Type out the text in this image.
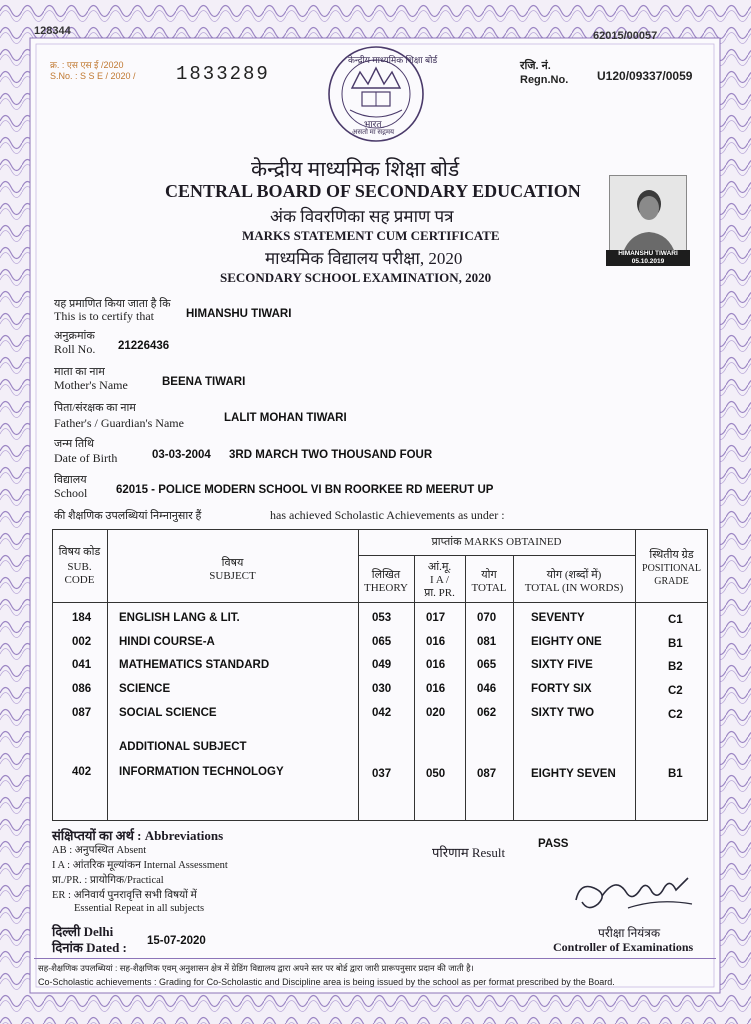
128344	62015/00057
क्र. : एस एस ई /2020
S.No. : S S E / 2020 / 1833289	रजि. नं.
Regn.No. U120/09337/0059
केन्द्रीय माध्यमिक शिक्षा बोर्ड
भारत
असतो मा सद्गमय
केन्द्रीय माध्यमिक शिक्षा बोर्ड
CENTRAL BOARD OF SECONDARY EDUCATION
अंक विवरणिका सह प्रमाण पत्र
MARKS STATEMENT CUM CERTIFICATE
माध्यमिक विद्यालय परीक्षा, 2020
SECONDARY SCHOOL EXAMINATION, 2020
HIMANSHU TIWARI
05.10.2019
यह प्रमाणित किया जाता है कि
This is to certify that	HIMANSHU TIWARI
अनुक्रमांक
Roll No. 21226436
माता का नाम
Mother's Name	BEENA TIWARI
पिता/संरक्षक का नाम
Father's / Guardian's Name	LALIT MOHAN TIWARI
जन्म तिथि
Date of Birth	03-03-2004 3RD MARCH TWO THOUSAND FOUR
विद्यालय
School 62015 - POLICE MODERN SCHOOL VI BN ROORKEE RD MEERUT UP
की शैक्षणिक उपलब्धियां निम्नानुसार हैं	has achieved Scholastic Achievements as under :
विषय कोड
SUB. CODE
विषय
SUBJECT
प्राप्तांक MARKS OBTAINED
लिखित
THEORY
आं.मू.
I A /
प्रा. PR.
योग
TOTAL
योग (शब्दों में)
TOTAL (IN WORDS)
स्थितीय ग्रेड
POSITIONAL GRADE
184 ENGLISH LANG & LIT.	053	017	070	SEVENTY	C1
002 HINDI COURSE-A	065	016	081	EIGHTY ONE	B1
041 MATHEMATICS STANDARD	049	016	065	SIXTY FIVE	B2
086 SCIENCE	030	016	046	FORTY SIX	C2
087 SOCIAL SCIENCE	042	020	062	SIXTY TWO	C2
ADDITIONAL SUBJECT
402 INFORMATION TECHNOLOGY	037	050	087	EIGHTY SEVEN	B1
संक्षिप्तयों का अर्थ : Abbreviations
AB : अनुपस्थित Absent
I A : आंतरिक मूल्यांकन Internal Assessment
प्रा./PR. : प्रायोगिक/Practical
ER : अनिवार्य पुनरावृत्ति सभी विषयों में
Essential Repeat in all subjects
परिणाम Result
PASS
परीक्षा नियंत्रक
Controller of Examinations
दिल्ली Delhi
दिनांक Dated : 15-07-2020
सह-शैक्षणिक उपलब्धियां : सह-शैक्षणिक एवम् अनुशासन क्षेत्र में ग्रेडिंग विद्यालय द्वारा अपने स्तर पर बोर्ड द्वारा जारी प्रारूपनुसार प्रदान की जाती है।
Co-Scholastic achievements : Grading for Co-Scholastic and Discipline area is being issued by the school as per format prescribed by the Board.
